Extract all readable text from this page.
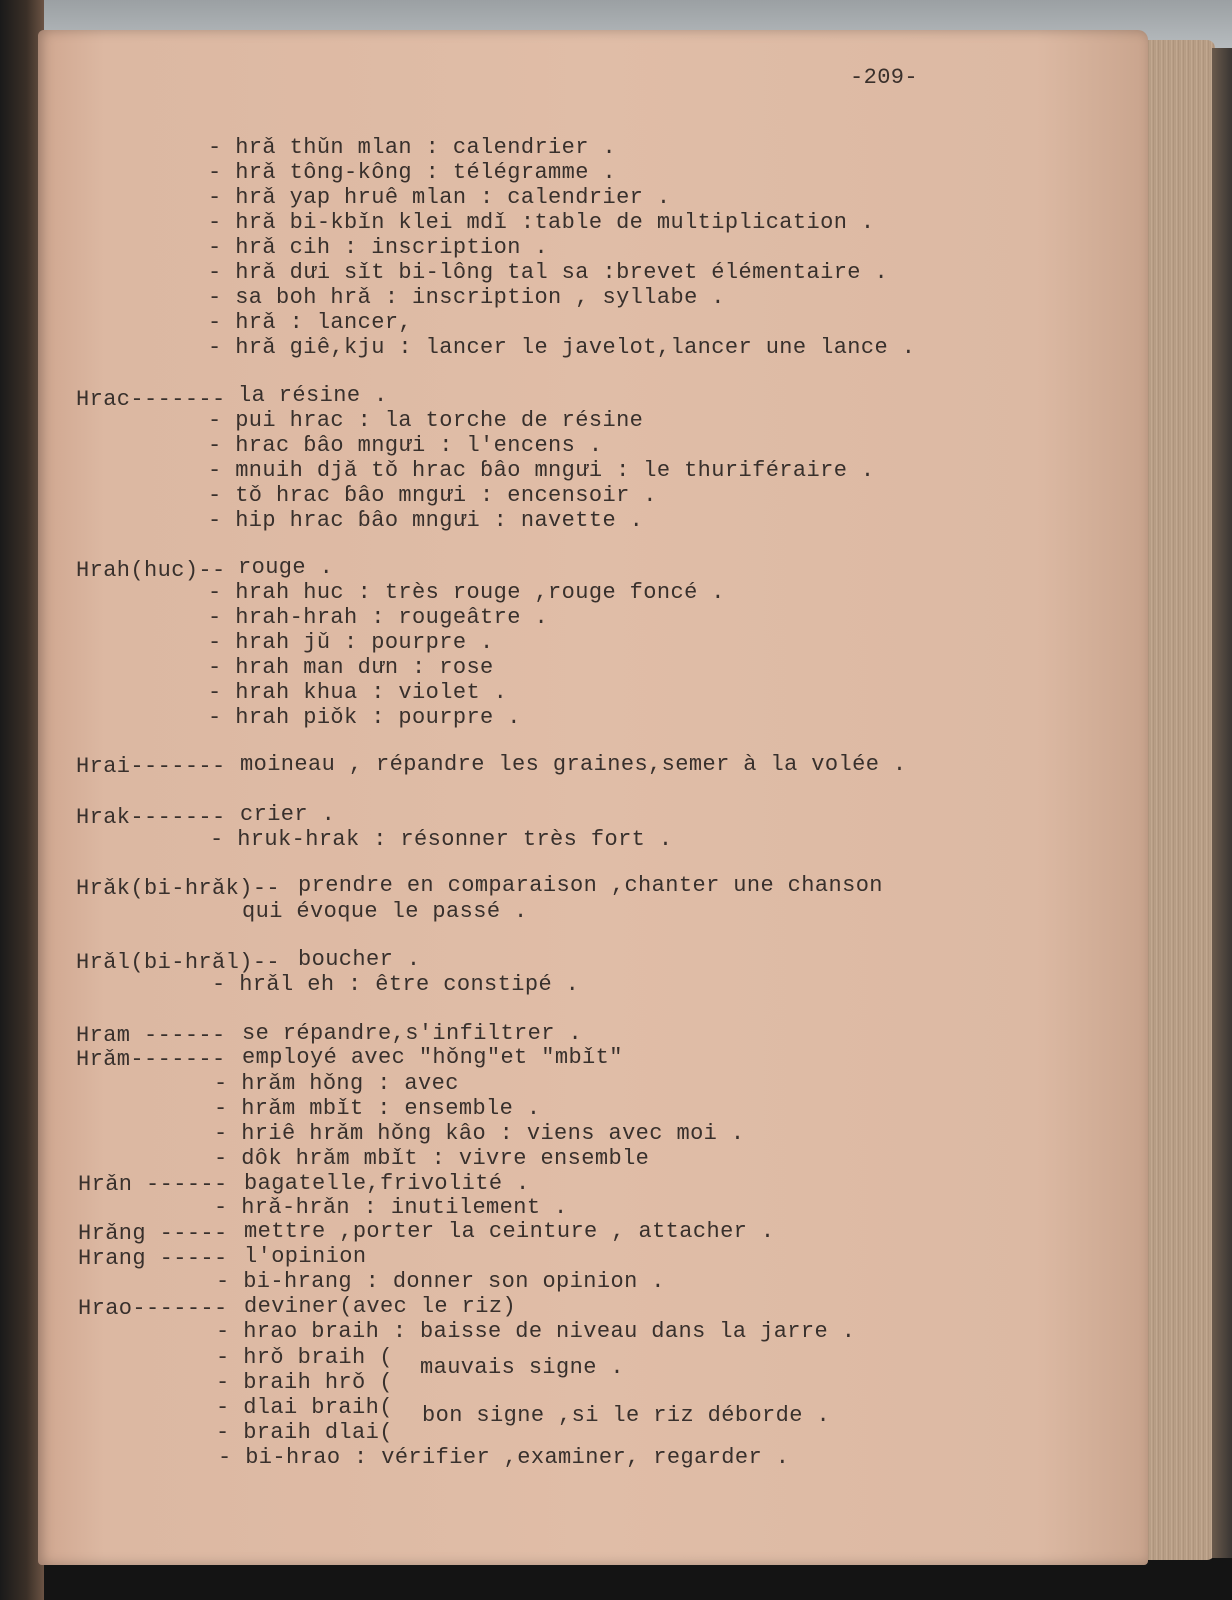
-209-
- hrǎ thǔn mlan : calendrier .
- hrǎ tông-kông : télégramme .
- hrǎ yap hruê mlan : calendrier .
- hrǎ bi-kbǐn klei mdǐ :table de multiplication .
- hrǎ cih : inscription .
- hrǎ dưi sǐt bi-lông tal sa :brevet élémentaire .
- sa boh hrǎ : inscription , syllabe .
- hrǎ : lancer,
- hrǎ giê,kju : lancer le javelot,lancer une lance .
Hrac------- la résine .
- pui hrac : la torche de résine
- hrac ɓâo mngưi : l'encens .
- mnuih djǎ tǒ hrac ɓâo mngưi : le thuriféraire .
- tǒ hrac ɓâo mngưi : encensoir .
- hip hrac ɓâo mngưi : navette .
Hrah(huc)-- rouge .
- hrah huc : très rouge ,rouge foncé .
- hrah-hrah : rougeâtre .
- hrah jǔ : pourpre .
- hrah man dưn : rose
- hrah khua : violet .
- hrah piǒk : pourpre .
Hrai------- moineau , répandre les graines,semer à la volée .
Hrak------- crier .
- hruk-hrak : résonner très fort .
Hrǎk(bi-hrǎk)-- prendre en comparaison ,chanter une chanson
qui évoque le passé .
Hrǎl(bi-hrǎl)-- boucher .
- hrǎl eh : être constipé .
Hram ------ se répandre,s'infiltrer .
Hrǎm------- employé avec "hǒng"et "mbǐt"
- hrǎm hǒng : avec
- hrǎm mbǐt : ensemble .
- hriê hrǎm hǒng kâo : viens avec moi .
- dôk hrǎm mbǐt : vivre ensemble
Hrǎn ------ bagatelle,frivolité .
- hrǎ-hrǎn : inutilement .
Hrǎng ----- mettre ,porter la ceinture , attacher .
Hrang ----- l'opinion
- bi-hrang : donner son opinion .
Hrao------- deviner(avec le riz)
- hrao braih : baisse de niveau dans la jarre .
- hrǒ braih (
- braih hrǒ (
mauvais signe .
- dlai braih(
- braih dlai(
bon signe ,si le riz déborde .
- bi-hrao : vérifier ,examiner, regarder .
